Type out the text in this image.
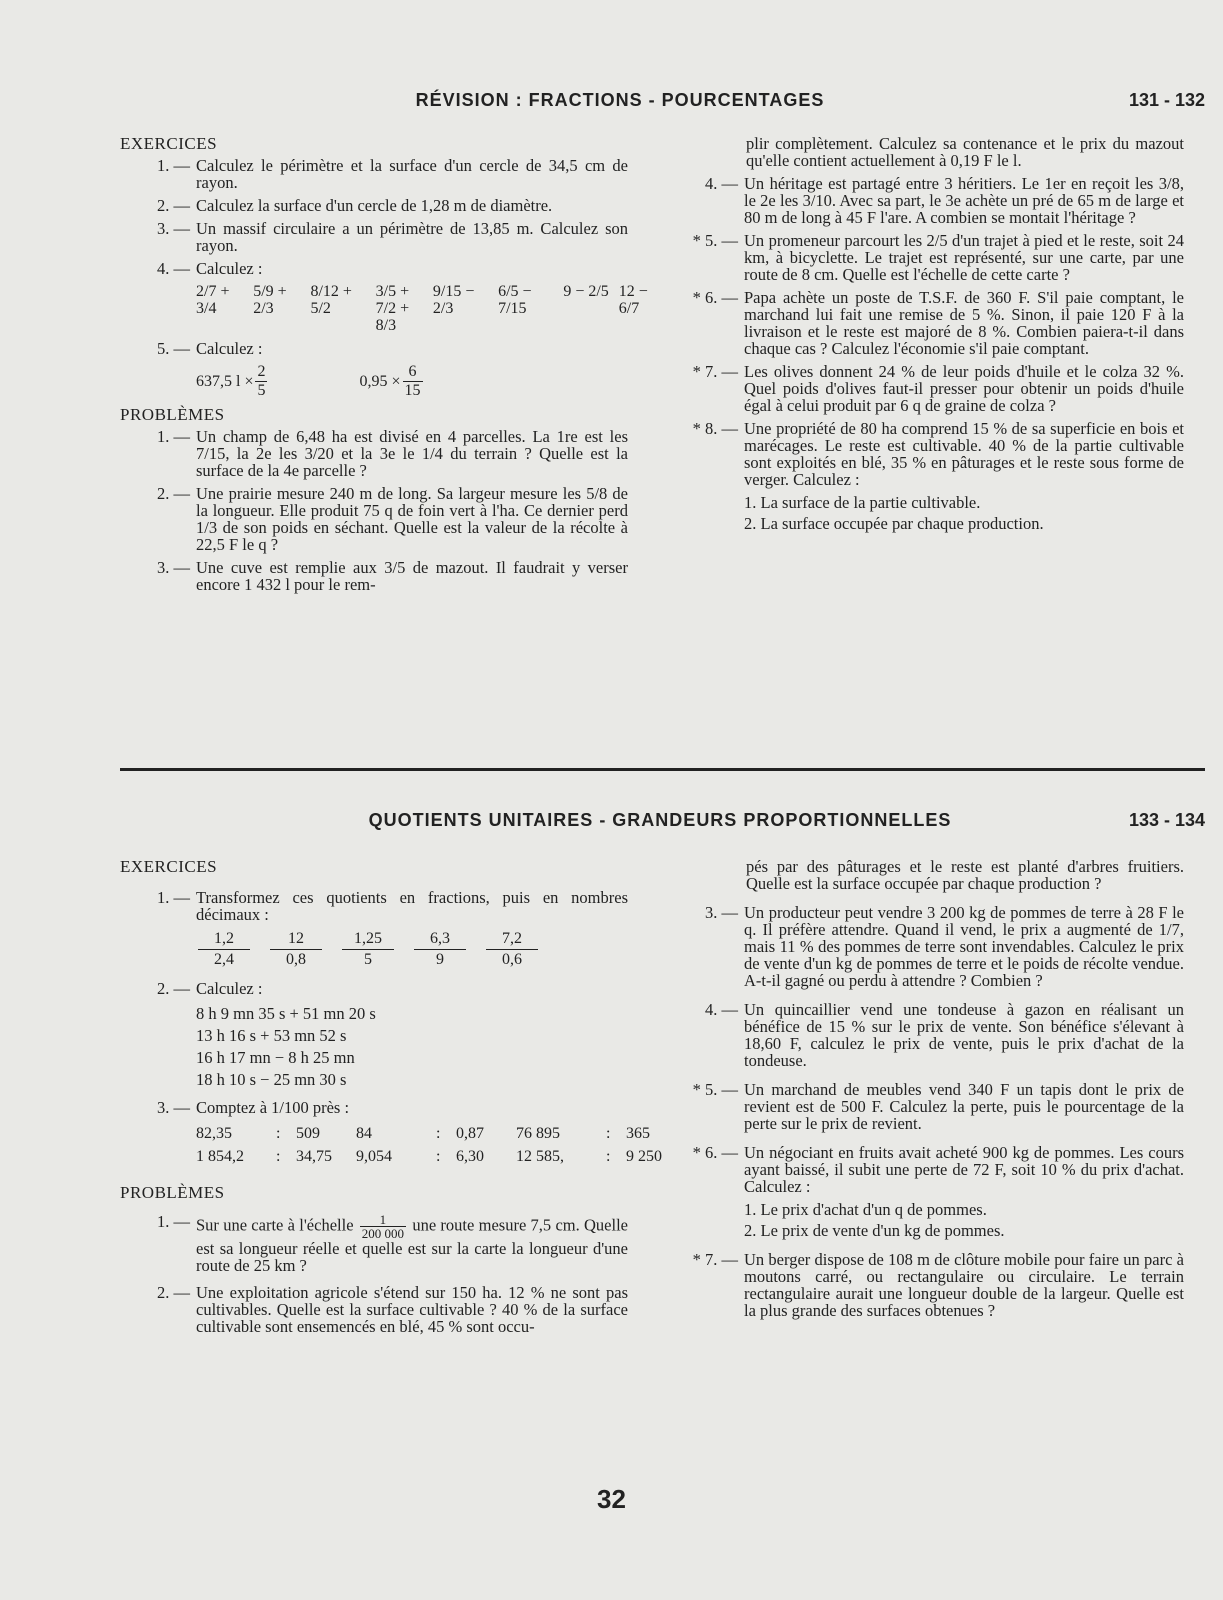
RÉVISION : FRACTIONS - POURCENTAGES	131 - 132
EXERCICES
1. — Calculez le périmètre et la surface d'un cercle de 34,5 cm de rayon.
2. — Calculez la surface d'un cercle de 1,28 m de diamètre.
3. — Un massif circulaire a un périmètre de 13,85 m. Calculez son rayon.
4. — Calculez :
2/7 + 3/4
5/9 + 2/3
8/12 + 5/2
3/5 + 7/2 + 8/3
9/15 − 2/3
6/5 − 7/15
9 − 2/5 12 − 6/7
5. — Calculez :
637,5 $l \times \frac{2}{5}$	$0,95 \times \frac{6}{15}$
PROBLÈMES
1. — Un champ de 6,48 ha est divisé en 4 parcelles. La 1re est les 7/15, la 2e les 3/20 et la 3e le 1/4 du terrain ? Quelle est la surface de la 4e parcelle ?
2. — Une prairie mesure 240 m de long. Sa largeur mesure les 5/8 de la longueur. Elle produit 75 q de foin vert à l'ha. Ce dernier perd 1/3 de son poids en séchant. Quelle est la valeur de la récolte à 22,5 F le q ?
3. — Une cuve est remplie aux 3/5 de mazout. Il faudrait y verser encore 1 432 l pour le rem-
plir complètement. Calculez sa contenance et le prix du mazout qu'elle contient actuellement à 0,19 F le l.
4. — Un héritage est partagé entre 3 héritiers. Le 1er en reçoit les 3/8, le 2e les 3/10. Avec sa part, le 3e achète un pré de 65 m de large et 80 m de long à 45 F l'are. A combien se montait l'héritage ?
* 5. — Un promeneur parcourt les 2/5 d'un trajet à pied et le reste, soit 24 km, à bicyclette. Le trajet est représenté, sur une carte, par une route de 8 cm. Quelle est l'échelle de cette carte ?
* 6. — Papa achète un poste de T.S.F. de 360 F. S'il paie comptant, le marchand lui fait une remise de 5 %. Sinon, il paie 120 F à la livraison et le reste est majoré de 8 %. Combien paiera-t-il dans chaque cas ? Calculez l'économie s'il paie comptant.
* 7. — Les olives donnent 24 % de leur poids d'huile et le colza 32 %. Quel poids d'olives faut-il presser pour obtenir un poids d'huile égal à celui produit par 6 q de graine de colza ?
* 8. — Une propriété de 80 ha comprend 15 % de sa superficie en bois et marécages. Le reste est cultivable. 40 % de la partie cultivable sont exploités en blé, 35 % en pâturages et le reste sous forme de verger. Calculez :
1. La surface de la partie cultivable.
2. La surface occupée par chaque production.
QUOTIENTS UNITAIRES - GRANDEURS PROPORTIONNELLES	133 - 134
EXERCICES
1. — Transformez ces quotients en fractions, puis en nombres décimaux :
1,2
2,4
12
0,8
1,25
5
6,3
9
7,2
0,6
2. — Calculez :
8 h 9 mn 35 s + 51 mn 20 s
13 h 16 s + 53 mn 52 s
16 h 17 mn − 8 h 25 mn
18 h 10 s − 25 mn 30 s
3. — Comptez à 1/100 près :
82,35	: 509	84	: 0,87	76 895	: 365
1 854,2	: 34,75	9,054	: 6,30	12 585,	: 9 250
PROBLÈMES
1. — Sur une carte à l'échelle $\frac{1}{200 000}$ une route mesure 7,5 cm. Quelle est sa longueur réelle et quelle est sur la carte la longueur d'une route de 25 km ?
2. — Une exploitation agricole s'étend sur 150 ha. 12 % ne sont pas cultivables. Quelle est la surface cultivable ? 40 % de la surface cultivable sont ensemencés en blé, 45 % sont occu-
pés par des pâturages et le reste est planté d'arbres fruitiers. Quelle est la surface occupée par chaque production ?
3. — Un producteur peut vendre 3 200 kg de pommes de terre à 28 F le q. Il préfère attendre. Quand il vend, le prix a augmenté de 1/7, mais 11 % des pommes de terre sont invendables. Calculez le prix de vente d'un kg de pommes de terre et le poids de récolte vendue. A-t-il gagné ou perdu à attendre ? Combien ?
4. — Un quincaillier vend une tondeuse à gazon en réalisant un bénéfice de 15 % sur le prix de vente. Son bénéfice s'élevant à 18,60 F, calculez le prix de vente, puis le prix d'achat de la tondeuse.
* 5. — Un marchand de meubles vend 340 F un tapis dont le prix de revient est de 500 F. Calculez la perte, puis le pourcentage de la perte sur le prix de revient.
* 6. — Un négociant en fruits avait acheté 900 kg de pommes. Les cours ayant baissé, il subit une perte de 72 F, soit 10 % du prix d'achat. Calculez :
1. Le prix d'achat d'un q de pommes.
2. Le prix de vente d'un kg de pommes.
* 7. — Un berger dispose de 108 m de clôture mobile pour faire un parc à moutons carré, ou rectangulaire ou circulaire. Le terrain rectangulaire aurait une longueur double de la largeur. Quelle est la plus grande des surfaces obtenues ?
32
